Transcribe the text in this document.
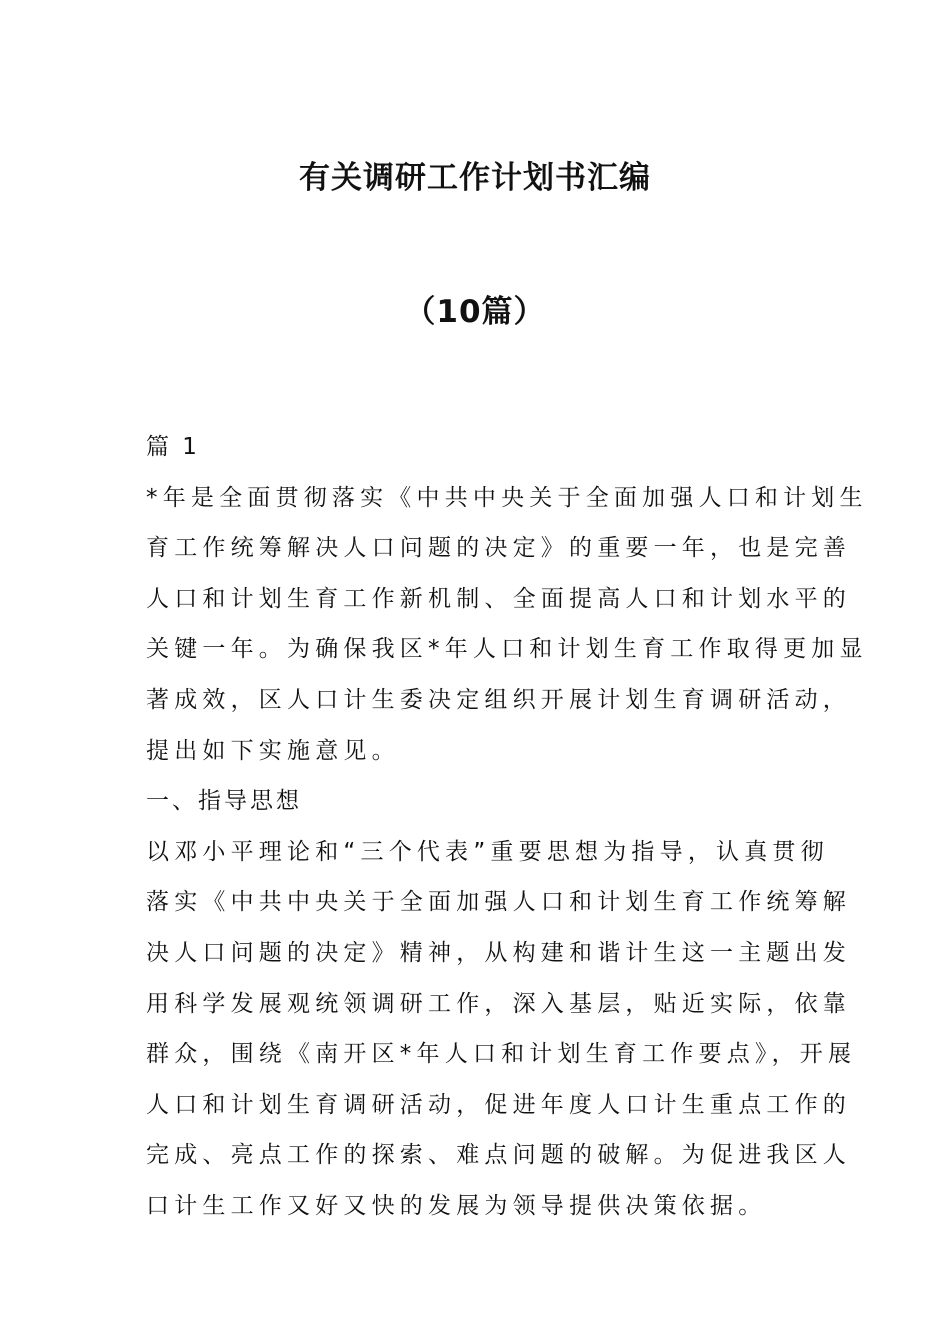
有关调研工作计划书汇编
（10篇）
篇 1
*年是全面贯彻落实《中共中央关于全面加强人口和计划生
育工作统筹解决人口问题的决定》的重要一年，也是完善
人口和计划生育工作新机制、全面提高人口和计划水平的
关键一年。为确保我区*年人口和计划生育工作取得更加显
著成效，区人口计生委决定组织开展计划生育调研活动，
提出如下实施意见。
一、指导思想
以邓小平理论和“三个代表”重要思想为指导，认真贯彻
落实《中共中央关于全面加强人口和计划生育工作统筹解
决人口问题的决定》精神，从构建和谐计生这一主题出发
用科学发展观统领调研工作，深入基层，贴近实际，依靠
群众，围绕《南开区*年人口和计划生育工作要点》，开展
人口和计划生育调研活动，促进年度人口计生重点工作的
完成、亮点工作的探索、难点问题的破解。为促进我区人
口计生工作又好又快的发展为领导提供决策依据。
